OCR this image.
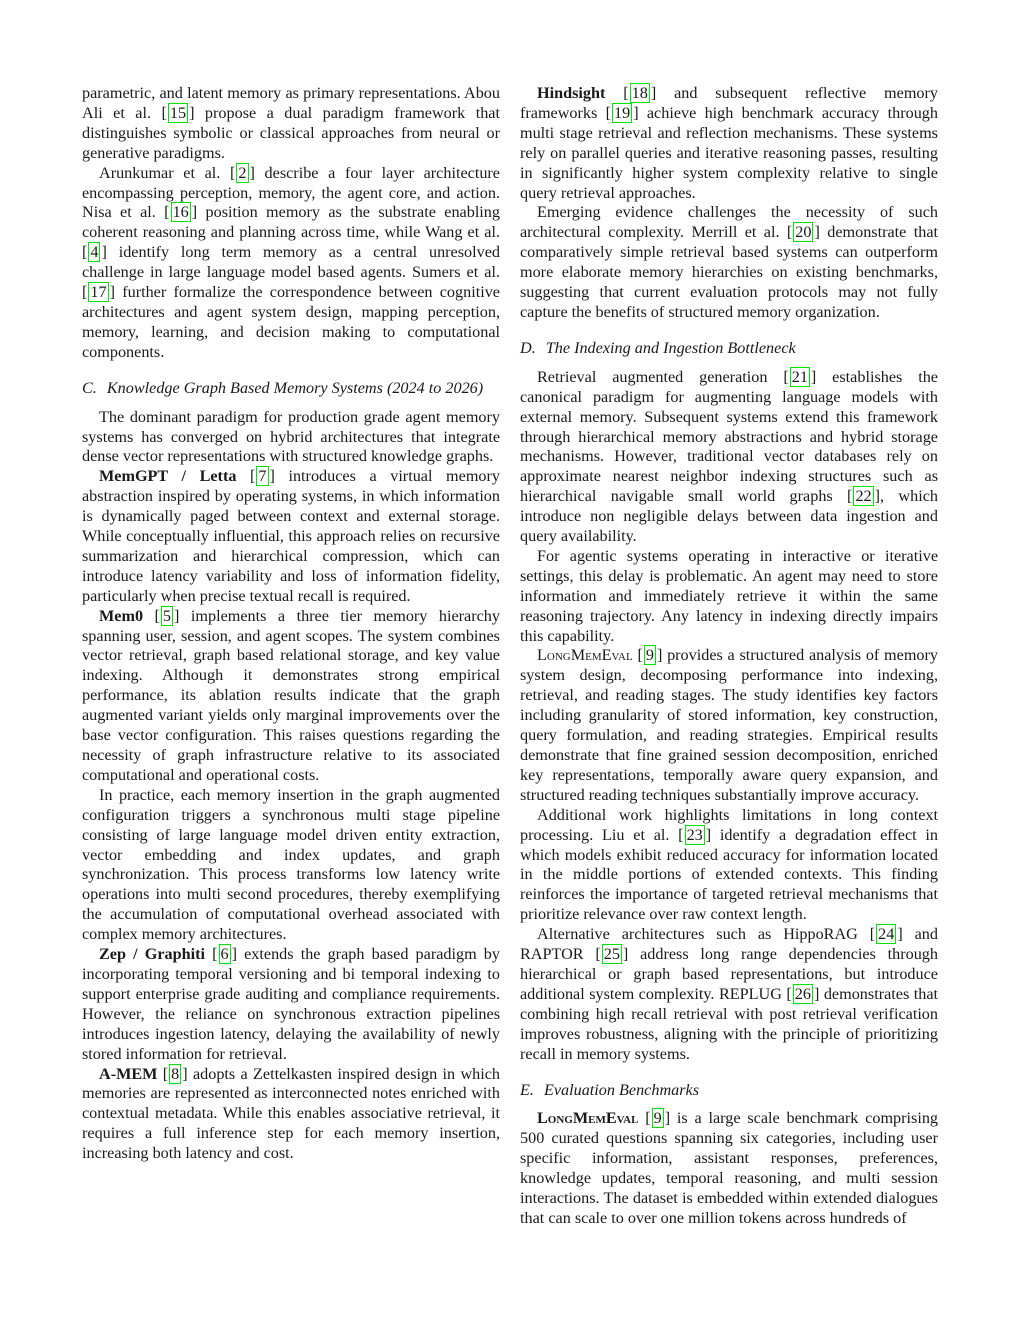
parametric, and latent memory as primary representations. Abou Ali et al. [ 15 ] propose a dual paradigm framework that distinguishes symbolic or classical approaches from neural or generative paradigms.

Arunkumar et al. [ 2 ] describe a four layer architecture encompassing perception, memory, the agent core, and action. Nisa et al. [ 16 ] position memory as the substrate enabling coherent reasoning and planning across time, while Wang et al. [ 4 ] identify long term memory as a central unresolved challenge in large language model based agents. Sumers et al. [ 17 ] further formalize the correspondence between cognitive architectures and agent system design, mapping perception, memory, learning, and decision making to computational components.

C. Knowledge Graph Based Memory Systems (2024 to 2026)

The dominant paradigm for production grade agent memory systems has converged on hybrid architectures that integrate dense vector representations with structured knowledge graphs.

MemGPT / Letta [ 7 ] introduces a virtual memory abstraction inspired by operating systems, in which information is dynamically paged between context and external storage. While conceptually influential, this approach relies on recursive summarization and hierarchical compression, which can introduce latency variability and loss of information fidelity, particularly when precise textual recall is required.

Mem0 [ 5 ] implements a three tier memory hierarchy spanning user, session, and agent scopes. The system combines vector retrieval, graph based relational storage, and key value indexing. Although it demonstrates strong empirical performance, its ablation results indicate that the graph augmented variant yields only marginal improvements over the base vector configuration. This raises questions regarding the necessity of graph infrastructure relative to its associated computational and operational costs.

In practice, each memory insertion in the graph augmented configuration triggers a synchronous multi stage pipeline consisting of large language model driven entity extraction, vector embedding and index updates, and graph synchronization. This process transforms low latency write operations into multi second procedures, thereby exemplifying the accumulation of computational overhead associated with complex memory architectures.

Zep / Graphiti [ 6 ] extends the graph based paradigm by incorporating temporal versioning and bi temporal indexing to support enterprise grade auditing and compliance requirements. However, the reliance on synchronous extraction pipelines introduces ingestion latency, delaying the availability of newly stored information for retrieval.

A-MEM [ 8 ] adopts a Zettelkasten inspired design in which memories are represented as interconnected notes enriched with contextual metadata. While this enables associative retrieval, it requires a full inference step for each memory insertion, increasing both latency and cost.

Hindsight [ 18 ] and subsequent reflective memory frameworks [ 19 ] achieve high benchmark accuracy through multi stage retrieval and reflection mechanisms. These systems rely on parallel queries and iterative reasoning passes, resulting in significantly higher system complexity relative to single query retrieval approaches.

Emerging evidence challenges the necessity of such architectural complexity. Merrill et al. [ 20 ] demonstrate that comparatively simple retrieval based systems can outperform more elaborate memory hierarchies on existing benchmarks, suggesting that current evaluation protocols may not fully capture the benefits of structured memory organization.

D. The Indexing and Ingestion Bottleneck

Retrieval augmented generation [ 21 ] establishes the canonical paradigm for augmenting language models with external memory. Subsequent systems extend this framework through hierarchical memory abstractions and hybrid storage mechanisms. However, traditional vector databases rely on approximate nearest neighbor indexing structures such as hierarchical navigable small world graphs [ 22 ], which introduce non negligible delays between data ingestion and query availability.

For agentic systems operating in interactive or iterative settings, this delay is problematic. An agent may need to store information and immediately retrieve it within the same reasoning trajectory. Any latency in indexing directly impairs this capability.

LongMemEval [ 9 ] provides a structured analysis of memory system design, decomposing performance into indexing, retrieval, and reading stages. The study identifies key factors including granularity of stored information, key construction, query formulation, and reading strategies. Empirical results demonstrate that fine grained session decomposition, enriched key representations, temporally aware query expansion, and structured reading techniques substantially improve accuracy.

Additional work highlights limitations in long context processing. Liu et al. [ 23 ] identify a degradation effect in which models exhibit reduced accuracy for information located in the middle portions of extended contexts. This finding reinforces the importance of targeted retrieval mechanisms that prioritize relevance over raw context length.

Alternative architectures such as HippoRAG [ 24 ] and RAPTOR [ 25 ] address long range dependencies through hierarchical or graph based representations, but introduce additional system complexity. REPLUG [ 26 ] demonstrates that combining high recall retrieval with post retrieval verification improves robustness, aligning with the principle of prioritizing recall in memory systems.

E. Evaluation Benchmarks

LongMemEval [ 9 ] is a large scale benchmark comprising 500 curated questions spanning six categories, including user specific information, assistant responses, preferences, knowledge updates, temporal reasoning, and multi session interactions. The dataset is embedded within extended dialogues that can scale to over one million tokens across hundreds of
